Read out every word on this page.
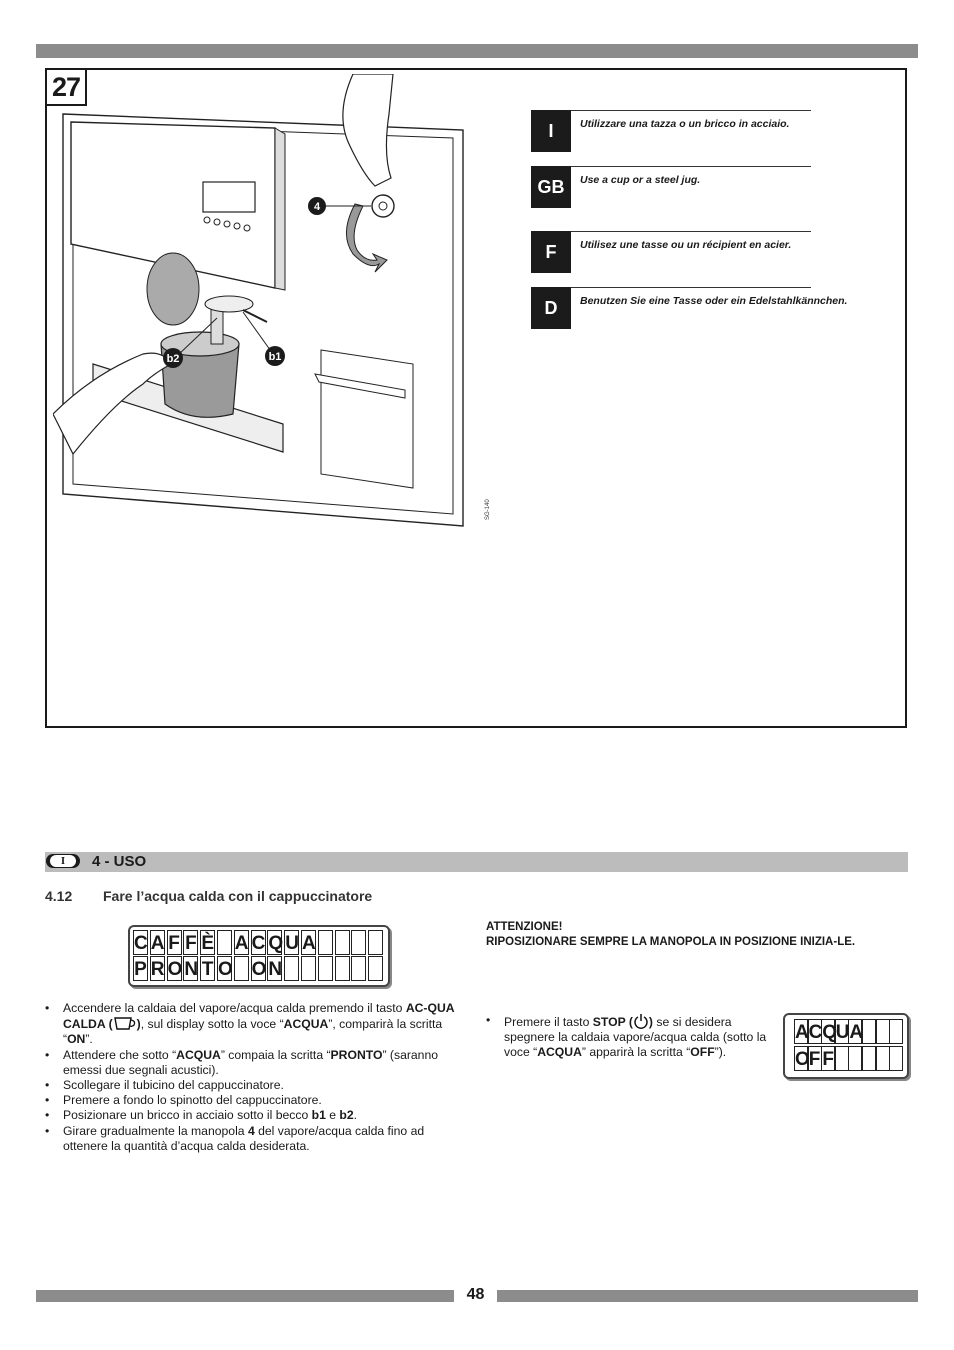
27
4
b2	b1
SG-140
I	Utilizzare una tazza o un bricco in acciaio.
GB	Use a cup or a steel jug.
F	Utilisez une tasse ou un récipient en acier.
D	Benutzen Sie eine Tasse oder ein Edelstahlkännchen.
I	4 - USO
4.12 Fare l’acqua calda con il cappuccinatore
C A F F È A C Q U A
P R O N T O O N
• Accendere la caldaia del vapore/acqua calda premendo il tasto AC-QUA CALDA ( ), sul display sotto la voce “ACQUA”, comparirà la scritta “ON”.
• Attendere che sotto “ACQUA” compaia la scritta “PRONTO” (saranno emessi due segnali acustici).
• Scollegare il tubicino del cappuccinatore.
• Premere a fondo lo spinotto del cappuccinatore.
• Posizionare un bricco in acciaio sotto il becco b1 e b2.
• Girare gradualmente la manopola 4 del vapore/acqua calda fino ad ottenere la quantità d’acqua calda desiderata.
ATTENZIONE!
RIPOSIZIONARE SEMPRE LA MANOPOLA IN POSIZIONE INIZIA-LE.
• Premere il tasto STOP ( ) se si desidera spegnere la caldaia vapore/acqua calda (sotto la voce “ACQUA” apparirà la scritta “OFF”).
A C Q
U A
O F F
48
